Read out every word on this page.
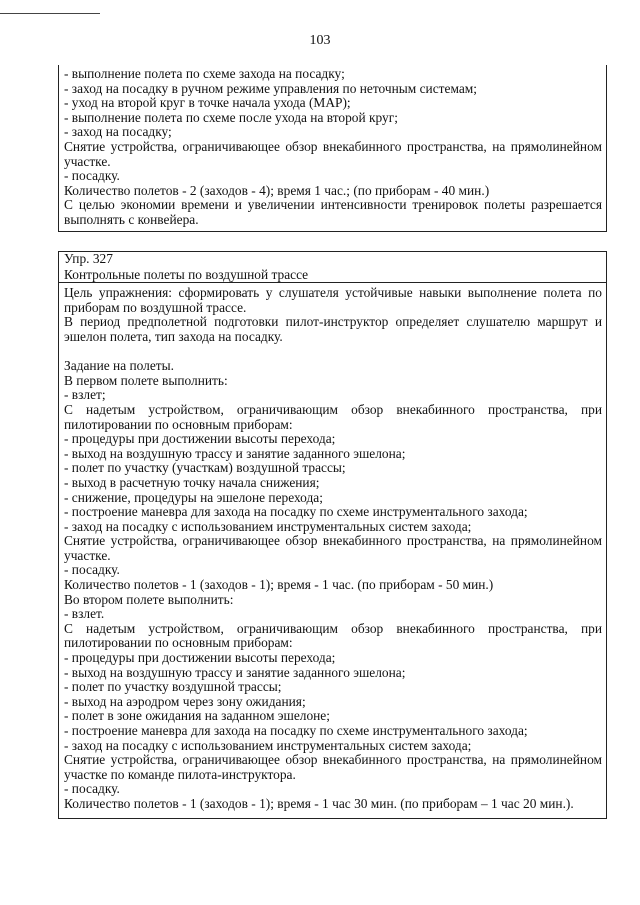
103
- выполнение полета по схеме захода на посадку;
- заход на посадку в ручном режиме управления по неточным системам;
- уход на второй круг в точке начала ухода (МАР);
- выполнение полета по схеме после ухода на второй круг;
- заход на посадку;

Снятие устройства, ограничивающее обзор внекабинного пространства, на прямолинейном участке.

- посадку.
Количество полетов - 2 (заходов - 4); время 1 час.; (по приборам - 40 мин.)

С целью экономии времени и увеличении интенсивности тренировок полеты разрешается выполнять с конвейера.

Упр. 327
Контрольные полеты по воздушной трассе

Цель упражнения: сформировать у слушателя устойчивые навыки выполнение полета по приборам по воздушной трассе.

В период предполетной подготовки пилот-инструктор определяет слушателю маршрут и эшелон полета, тип захода на посадку.

Задание на полеты.
В первом полете выполнить:
- взлет;

С надетым устройством, ограничивающим обзор внекабинного пространства, при пилотировании по основным приборам:

- процедуры при достижении высоты перехода;
- выход на воздушную трассу и занятие заданного эшелона;
- полет по участку (участкам) воздушной трассы;
- выход в расчетную точку начала снижения;
- снижение, процедуры на эшелоне перехода;
- построение маневра для захода на посадку по схеме инструментального захода;
- заход на посадку с использованием инструментальных систем захода;

Снятие устройства, ограничивающее обзор внекабинного пространства, на прямолинейном участке.

- посадку.
Количество полетов - 1 (заходов - 1); время - 1 час. (по приборам - 50 мин.)
Во втором полете выполнить:
- взлет.

С надетым устройством, ограничивающим обзор внекабинного пространства, при пилотировании по основным приборам:

- процедуры при достижении высоты перехода;
- выход на воздушную трассу и занятие заданного эшелона;
- полет по участку воздушной трассы;
- выход на аэродром через зону ожидания;
- полет в зоне ожидания на заданном эшелоне;
- построение маневра для захода на посадку по схеме инструментального захода;
- заход на посадку с использованием инструментальных систем захода;

Снятие устройства, ограничивающее обзор внекабинного пространства, на прямолинейном участке по команде пилота-инструктора.

- посадку.
Количество полетов - 1 (заходов - 1); время - 1 час 30 мин. (по приборам – 1 час 20 мин.).
